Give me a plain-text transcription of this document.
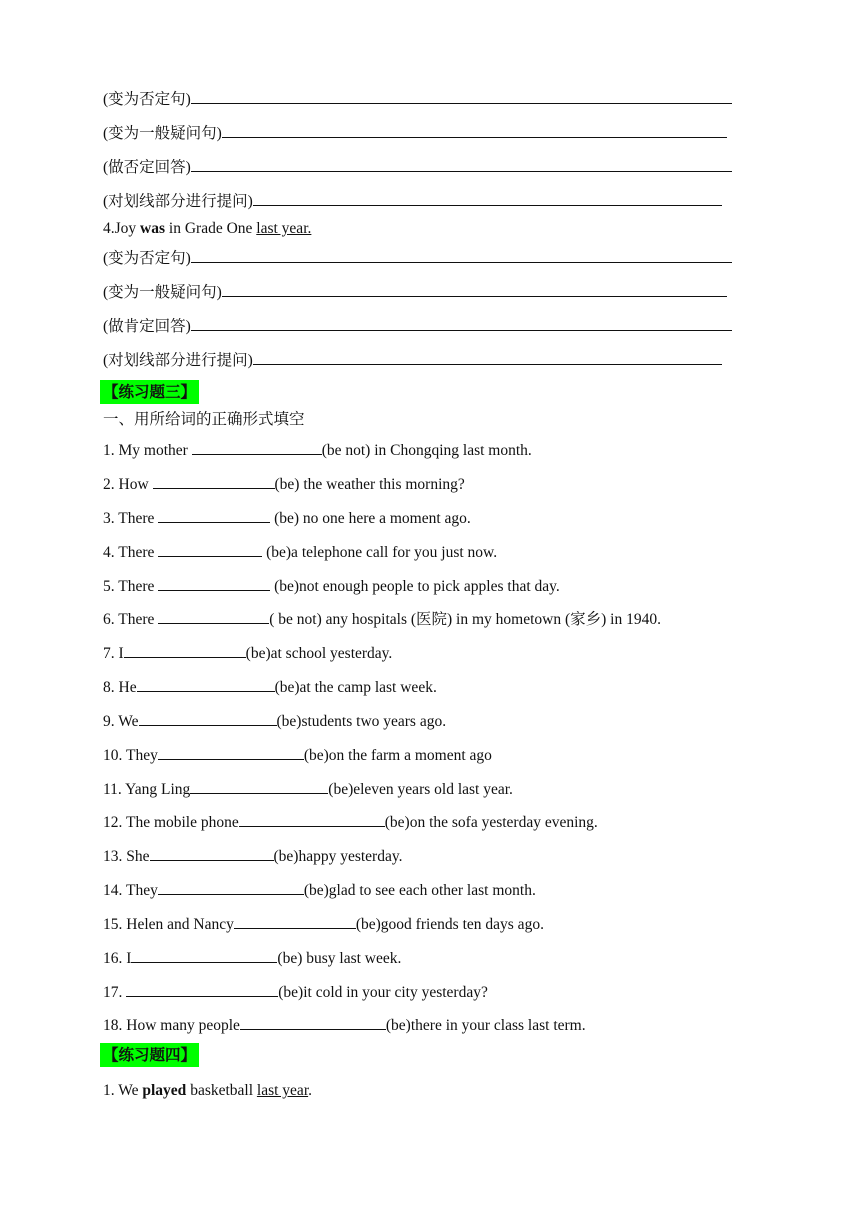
(变为否定句)
(变为一般疑问句)
(做否定回答)
(对划线部分进行提问)
4.Joy was in Grade One last year.
(变为否定句)
(变为一般疑问句)
(做肯定回答)
(对划线部分进行提问)
【练习题三】
一、用所给词的正确形式填空
1. My mother	(be not) in Chongqing last month.
2. How	(be) the weather this morning?
3. There	(be) no one here a moment ago.
4. There	(be)a telephone call for you just now.
5. There	(be)not enough people to pick apples that day.
6. There	( be not) any hospitals (医院) in my hometown (家乡) in 1940.
7. I	(be)at school yesterday.
8. He	(be)at the camp last week.
9. We	(be)students two years ago.
10. They	(be)on the farm a moment ago
11. Yang Ling	(be)eleven years old last year.
12. The mobile phone	(be)on the sofa yesterday evening.
13. She	(be)happy yesterday.
14. They	(be)glad to see each other last month.
15. Helen and Nancy	(be)good friends ten days ago.
16. I	(be) busy last week.
17.	(be)it cold in your city yesterday?
18. How many people	(be)there in your class last term.
【练习题四】
1. We played basketball last year.
